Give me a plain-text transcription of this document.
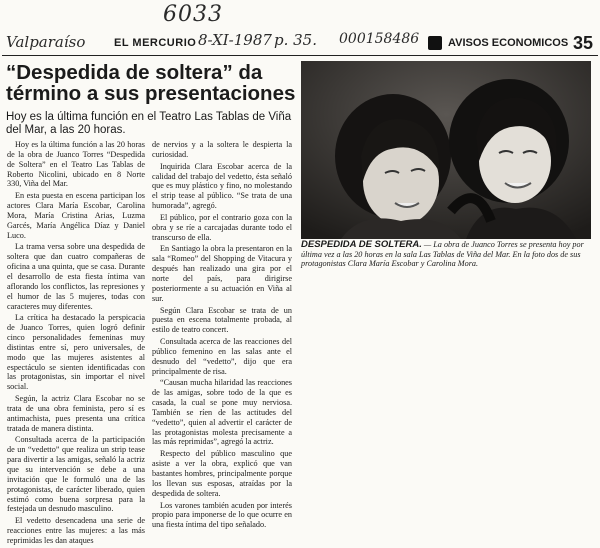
6033
Valparaíso	EL MERCURIO 8-XI-1987 p. 35. 000158486	AVISOS ECONOMICOS 35
“Despedida de soltera” da término a sus presentaciones

Hoy es la última función en el Teatro Las Tablas de Viña del Mar, a las 20 horas.

Hoy es la última función a las 20 horas de la obra de Juanco Torres “Despedida de Soltera” en el Teatro Las Tablas de Roberto Nicolini, ubicado en 8 Norte 330, Viña del Mar.

En esta puesta en escena participan los actores Clara María Escobar, Carolina Mora, María Cristina Arias, Luzma Garcés, María Angélica Díaz y Daniel Luco.

La trama versa sobre una despedida de soltera que dan cuatro compañeras de oficina a una quinta, que se casa. Durante el desarrollo de esta fiesta íntima van aflorando los conflictos, las represiones y el humor de las 5 mujeres, todas con caracteres muy diferentes.

La crítica ha destacado la perspicacia de Juanco Torres, quien logró definir cinco personalidades femeninas muy distintas entre sí, pero universales, de modo que las mujeres asistentes al espectáculo se sienten identificadas con las protagonistas, sin importar el nivel social.

Según, la actriz Clara Escobar no se trata de una obra feminista, pero sí es antimachista, pues presenta una crítica tratada de manera distinta.

Consultada acerca de la participación de un “vedetto” que realiza un strip tease para divertir a las amigas, señaló la actriz que su intervención se debe a una invitación que le formuló una de las protagonistas, de carácter liberado, quien estimó como buena sorpresa para la festejada un desnudo masculino.

El vedetto desencadena una serie de reacciones entre las mujeres: a las más reprimidas les dan ataques

de nervios y a la soltera le despierta la curiosidad.

Inquirida Clara Escobar acerca de la calidad del trabajo del vedetto, ésta señaló que es muy plástico y fino, no molestando el strip tease al público. “Se trata de una humorada”, agregó.

El público, por el contrario goza con la obra y se ríe a carcajadas durante todo el transcurso de ella.

En Santiago la obra la presentaron en la sala “Romeo” del Shopping de Vitacura y después han realizado una gira por el norte del país, para dirigirse posteriormente a su actuación en Viña al sur.

Según Clara Escobar se trata de un puesta en escena totalmente probada, al estilo de teatro concert.

Consultada acerca de las reacciones del público femenino en las salas ante el desnudo del “vedetto”, dijo que era principalmente de risa.

“Causan mucha hilaridad las reacciones de las amigas, sobre todo de la que es casada, la cual se pone muy nerviosa. También se ríen de las actitudes del “vedetto”, quien al advertir el carácter de las protagonistas molesta precisamente a las más reprimidas”, agregó la actriz.

Respecto del público masculino que asiste a ver la obra, explicó que van bastantes hombres, principalmente porque los llevan sus esposas, atraídas por la despedida de soltera.

Los varones también acuden por interés propio para imponerse de lo que ocurre en una fiesta íntima del tipo señalado.

DESPEDIDA DE SOLTERA. — La obra de Juanco Torres se presenta hoy por última vez a las 20 horas en la sala Las Tablas de Viña del Mar. En la foto dos de sus protagonistas Clara María Escobar y Carolina Mora.
